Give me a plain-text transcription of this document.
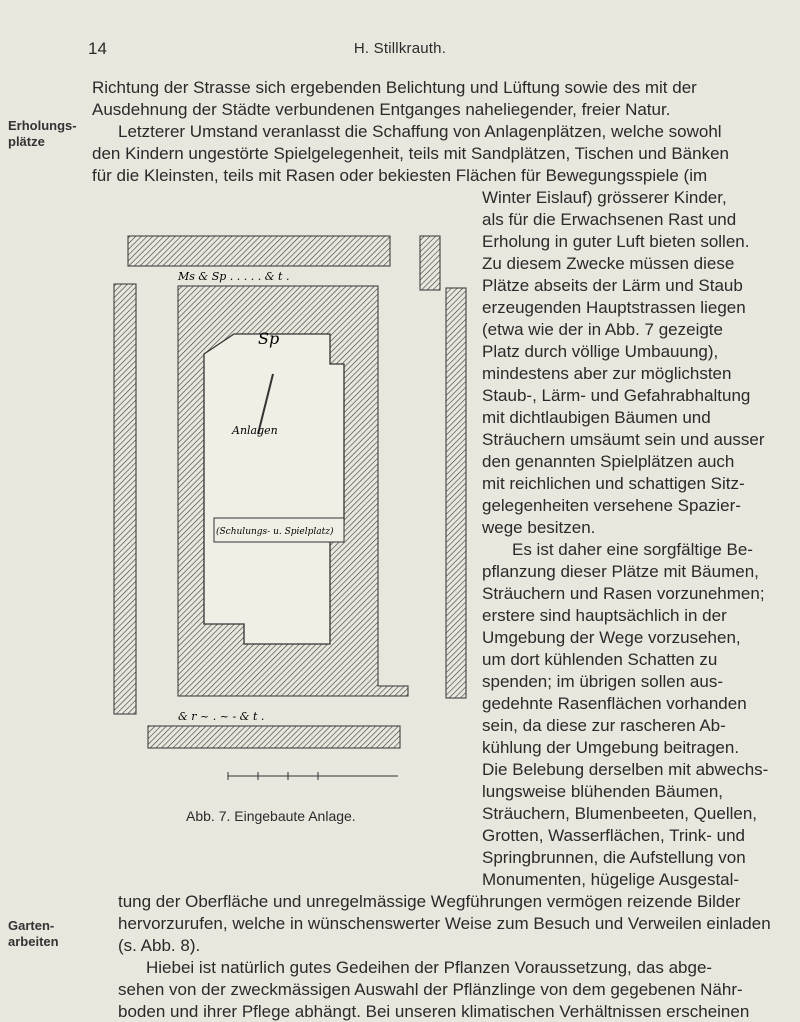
14	H. Stillkrauth.
Erholungs-
plätze
Garten-
arbeiten
Richtung der Strasse sich ergebenden Belichtung und Lüftung sowie des mit der
Ausdehnung der Städte verbundenen Entganges naheliegender, freier Natur.
Letzterer Umstand veranlasst die Schaffung von Anlagenplätzen, welche sowohl
den Kindern ungestörte Spielgelegenheit, teils mit Sandplätzen, Tischen und Bänken
für die Kleinsten, teils mit Rasen oder bekiesten Flächen für Bewegungsspiele (im
Winter Eislauf) grösserer Kinder,
als für die Erwachsenen Rast und
Erholung in guter Luft bieten sollen.
Zu diesem Zwecke müssen diese
Plätze abseits der Lärm und Staub
erzeugenden Hauptstrassen liegen
(etwa wie der in Abb. 7 gezeigte
Platz durch völlige Umbauung),
mindestens aber zur möglichsten
Staub-, Lärm- und Gefahrabhaltung
mit dichtlaubigen Bäumen und
Sträuchern umsäumt sein und ausser
den genannten Spielplätzen auch
mit reichlichen und schattigen Sitz-
gelegenheiten versehene Spazier-
wege besitzen.
Es ist daher eine sorgfältige Be-
pflanzung dieser Plätze mit Bäumen,
Sträuchern und Rasen vorzunehmen;
erstere sind hauptsächlich in der
Umgebung der Wege vorzusehen,
um dort kühlenden Schatten zu
spenden; im übrigen sollen aus-
gedehnte Rasenflächen vorhanden
sein, da diese zur rascheren Ab-
kühlung der Umgebung beitragen.
Die Belebung derselben mit abwechs-
lungsweise blühenden Bäumen,
Sträuchern, Blumenbeeten, Quellen,
Grotten, Wasserflächen, Trink- und
Springbrunnen, die Aufstellung von
Monumenten, hügelige Ausgestal-
tung der Oberfläche und unregelmässige Wegführungen vermögen reizende Bilder
hervorzurufen, welche in wünschenswerter Weise zum Besuch und Verweilen einladen
(s. Abb. 8).
Hiebei ist natürlich gutes Gedeihen der Pflanzen Voraussetzung, das abge-
sehen von der zweckmässigen Auswahl der Pflänzlinge von dem gegebenen Nähr-
boden und ihrer Pflege abhängt. Bei unseren klimatischen Verhältnissen erscheinen
Ms & Sp . . . . . & t .
Sp
Anlagen
(Schulungs- u. Spielplatz)
& r ~ . ~ - & t .
Abb. 7. Eingebaute Anlage.
